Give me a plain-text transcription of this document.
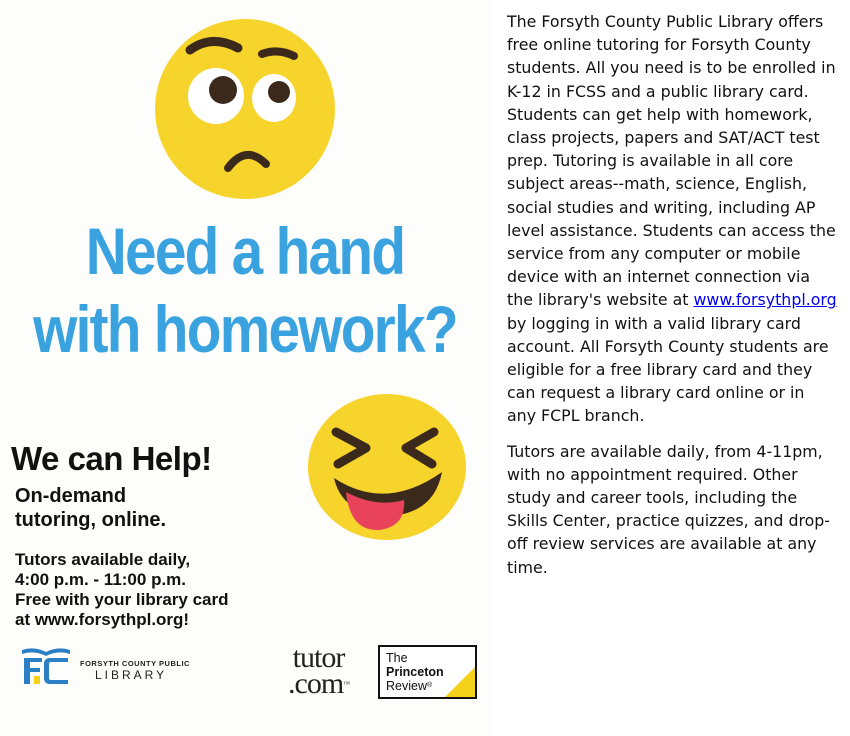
Need a hand
with homework?
We can Help!
On-demand
tutoring, online.
Tutors available daily,
4:00 p.m. - 11:00 p.m.
Free with your library card
at www.forsythpl.org!
FORSYTH COUNTY PUBLIC
LIBRARY
tutor
.com™
The
Princeton
Review®

The Forsyth County Public Library offers free online tutoring for Forsyth County students. All you need is to be enrolled in K-12 in FCSS and a public library card. Students can get help with homework, class projects, papers and SAT/ACT test prep. Tutoring is available in all core subject areas--math, science, English, social studies and writing, including AP level assistance. Students can access the service from any computer or mobile device with an internet connection via the library's website at www.forsythpl.org by logging in with a valid library card account. All Forsyth County students are eligible for a free library card and they can request a library card online or in any FCPL branch.

Tutors are available daily, from 4-11pm, with no appointment required. Other study and career tools, including the Skills Center, practice quizzes, and drop-off review services are available at any time.
